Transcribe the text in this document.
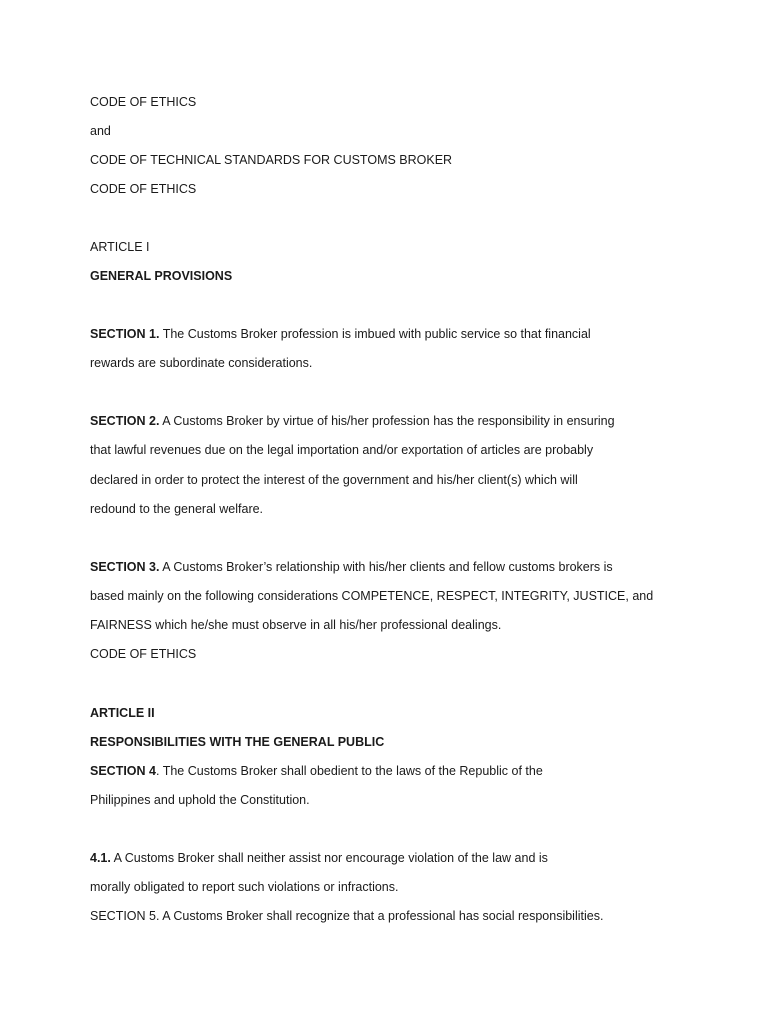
CODE OF ETHICS
and
CODE OF TECHNICAL STANDARDS FOR CUSTOMS BROKER
CODE OF ETHICS
ARTICLE I
GENERAL PROVISIONS
SECTION 1. The Customs Broker profession is imbued with public service so that financial
rewards are subordinate considerations.
SECTION 2. A Customs Broker by virtue of his/her profession has the responsibility in ensuring
that lawful revenues due on the legal importation and/or exportation of articles are probably
declared in order to protect the interest of the government and his/her client(s) which will
redound to the general welfare.
SECTION 3. A Customs Broker’s relationship with his/her clients and fellow customs brokers is
based mainly on the following considerations COMPETENCE, RESPECT, INTEGRITY, JUSTICE, and
FAIRNESS which he/she must observe in all his/her professional dealings.
CODE OF ETHICS
ARTICLE II
RESPONSIBILITIES WITH THE GENERAL PUBLIC
SECTION 4. The Customs Broker shall obedient to the laws of the Republic of the
Philippines and uphold the Constitution.
4.1. A Customs Broker shall neither assist nor encourage violation of the law and is
morally obligated to report such violations or infractions.
SECTION 5. A Customs Broker shall recognize that a professional has social responsibilities.
